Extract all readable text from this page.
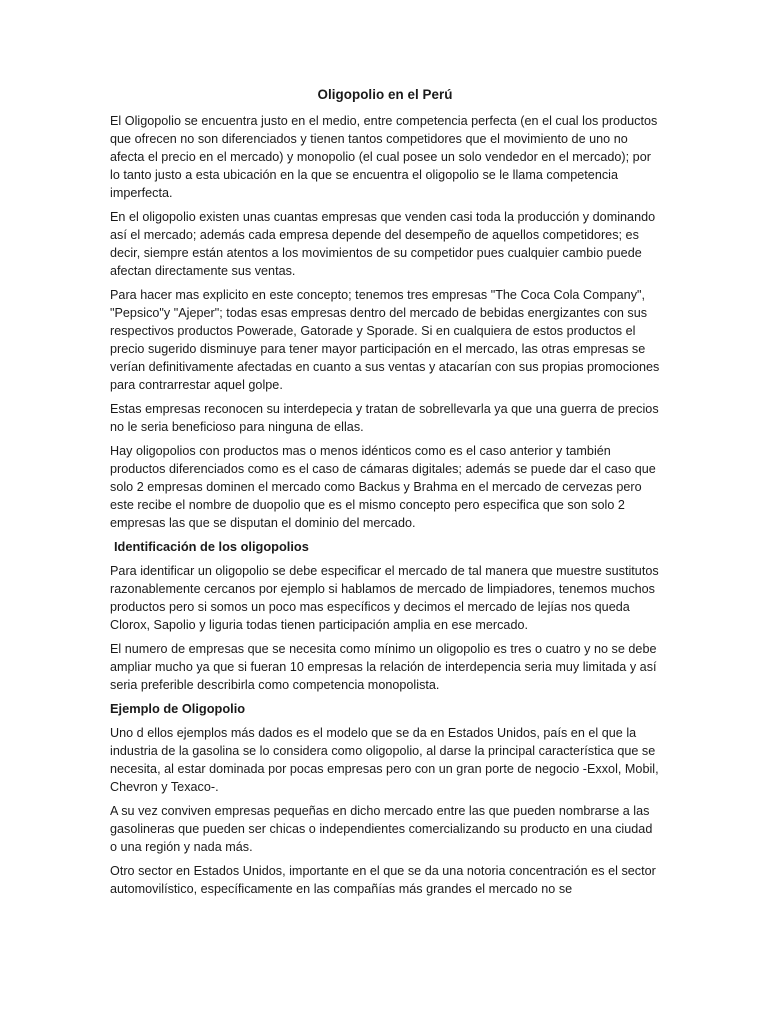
Oligopolio en el Perú

El Oligopolio se encuentra justo en el medio, entre competencia perfecta (en el cual los productos que ofrecen no son diferenciados y tienen tantos competidores que el movimiento de uno no afecta el precio en el mercado) y monopolio (el cual posee un solo vendedor en el mercado); por lo tanto justo a esta ubicación en la que se encuentra el oligopolio se le llama competencia imperfecta.

En el oligopolio existen unas cuantas empresas que venden casi toda la producción y dominando así el mercado; además cada empresa depende del desempeño de aquellos competidores; es decir, siempre están atentos a los movimientos de su competidor pues cualquier cambio puede afectan directamente sus ventas.

Para hacer mas explicito en este concepto; tenemos tres empresas "The Coca Cola Company", "Pepsico"y "Ajeper"; todas esas empresas dentro del mercado de bebidas energizantes con sus respectivos productos Powerade, Gatorade y Sporade. Si en cualquiera de estos productos el precio sugerido disminuye para tener mayor participación en el mercado, las otras empresas se verían definitivamente afectadas en cuanto a sus ventas y atacarían con sus propias promociones para contrarrestar aquel golpe.

Estas empresas reconocen su interdepecia y tratan de sobrellevarla ya que una guerra de precios no le seria beneficioso para ninguna de ellas.

Hay oligopolios con productos mas o menos idénticos como es el caso anterior y también productos diferenciados como es el caso de cámaras digitales; además se puede dar el caso que solo 2 empresas dominen el mercado como Backus y Brahma en el mercado de cervezas pero este recibe el nombre de duopolio que es el mismo concepto pero especifica que son solo 2 empresas las que se disputan el dominio del mercado.

Identificación de los oligopolios

Para identificar un oligopolio se debe especificar el mercado de tal manera que muestre sustitutos razonablemente cercanos por ejemplo si hablamos de mercado de limpiadores, tenemos muchos productos pero si somos un poco mas específicos y decimos el mercado de lejías nos queda Clorox, Sapolio y liguria todas tienen participación amplia en ese mercado.

El numero de empresas que se necesita como mínimo un oligopolio es tres o cuatro y no se debe ampliar mucho ya que si fueran 10 empresas la relación de interdepencia seria muy limitada y así seria preferible describirla como competencia monopolista.

Ejemplo de Oligopolio

Uno d ellos ejemplos más dados es el modelo que se da en Estados Unidos, país en el que la industria de la gasolina se lo considera como oligopolio, al darse la principal característica que se necesita, al estar dominada por pocas empresas pero con un gran porte de negocio -Exxol, Mobil, Chevron y Texaco-.

A su vez conviven empresas pequeñas en dicho mercado entre las que pueden nombrarse a las gasolineras que pueden ser chicas o independientes comercializando su producto en una ciudad o una región y nada más.

Otro sector en Estados Unidos, importante en el que se da una notoria concentración es el sector automovilístico, específicamente en las compañías más grandes el mercado no se
